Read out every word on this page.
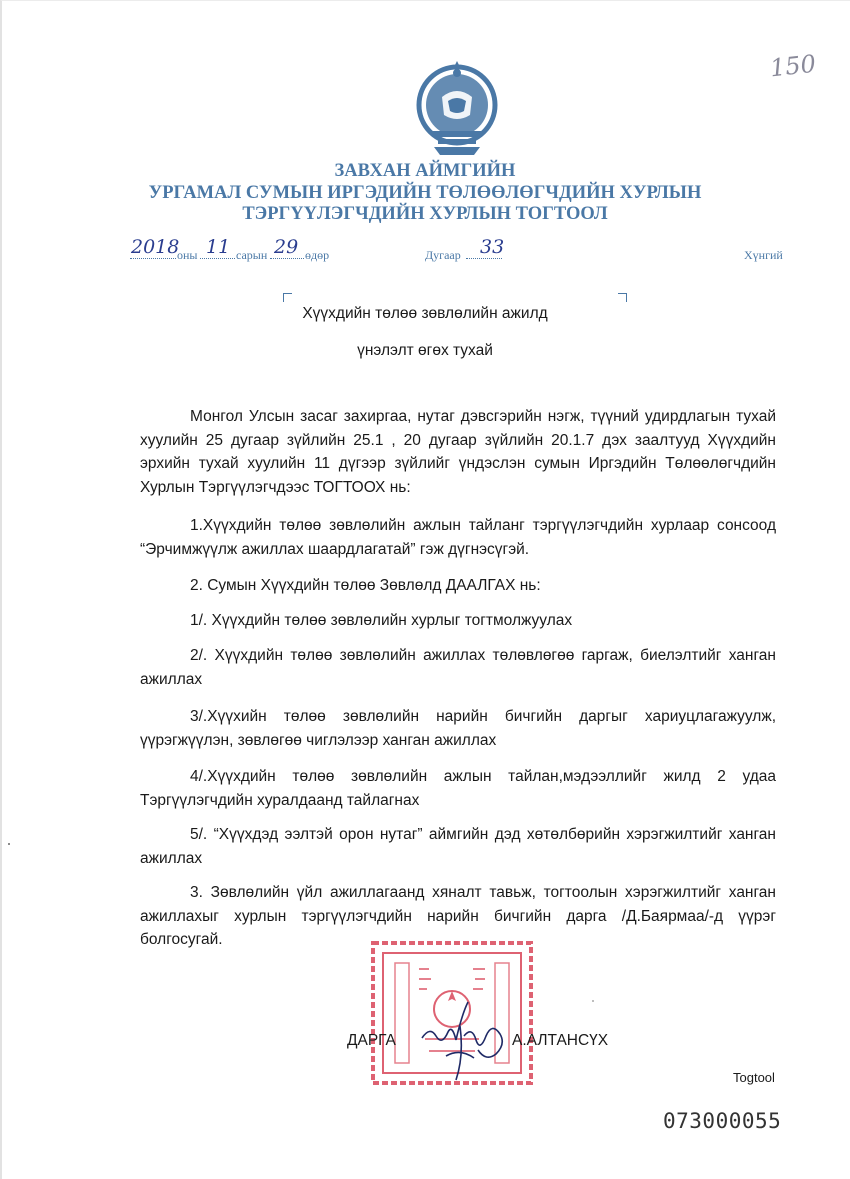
150
ЗАВХАН АЙМГИЙН
УРГАМАЛ СУМЫН ИРГЭДИЙН ТӨЛӨӨЛӨГЧДИЙН ХУРЛЫН
ТЭРГҮҮЛЭГЧДИЙН ХУРЛЫН ТОГТООЛ
2018
оны 11 сарын 29 өдөр	Дугаар 33	Хүнгий
Хүүхдийн төлөө зөвлөлийн ажилд
үнэлэлт өгөх тухай
Монгол Улсын засаг захиргаа, нутаг дэвсгэрийн нэгж, түүний удирдлагын тухай хуулийн 25 дугаар зүйлийн 25.1 , 20 дугаар зүйлийн 20.1.7 дэх заалтууд Хүүхдийн эрхийн тухай хуулийн 11 дүгээр зүйлийг үндэслэн сумын Иргэдийн Төлөөлөгчдийн Хурлын Тэргүүлэгчдээс ТОГТООХ нь:
1.Хүүхдийн төлөө зөвлөлийн ажлын тайланг тэргүүлэгчдийн хурлаар сонсоод “Эрчимжүүлж ажиллах шаардлагатай” гэж дүгнэсүгэй.
2. Сумын Хүүхдийн төлөө Зөвлөлд ДААЛГАХ нь:
1/. Хүүхдийн төлөө зөвлөлийн хурлыг тогтмолжуулах
2/. Хүүхдийн төлөө зөвлөлийн ажиллах төлөвлөгөө гаргаж, биелэлтийг ханган ажиллах
3/.Хүүхийн төлөө зөвлөлийн нарийн бичгийн даргыг хариуцлагажуулж, үүрэгжүүлэн, зөвлөгөө чиглэлээр ханган ажиллах
4/.Хүүхдийн төлөө зөвлөлийн ажлын тайлан,мэдээллийг жилд 2 удаа Тэргүүлэгчдийн хуралдаанд тайлагнах
5/. “Хүүхдэд ээлтэй орон нутаг” аймгийн дэд хөтөлбөрийн хэрэгжилтийг ханган ажиллах
3. Зөвлөлийн үйл ажиллагаанд хяналт тавьж, тогтоолын хэрэгжилтийг ханган ажиллахыг хурлын тэргүүлэгчдийн нарийн бичгийн дарга /Д.Баярмаа/-д үүрэг болгосугай.
ДАРГА	А.АЛТАНСҮХ
Togtool
073000055
